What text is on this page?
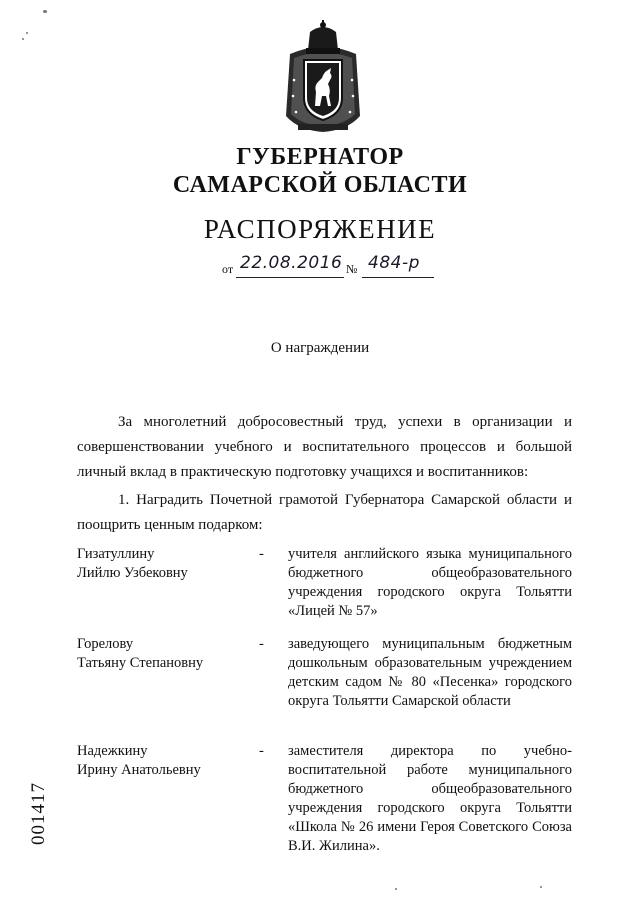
ГУБЕРНАТОР
САМАРСКОЙ ОБЛАСТИ
РАСПОРЯЖЕНИЕ
от 22.08.2016 № 484-р
О награждении
За многолетний добросовестный труд, успехи в организации и совершенствовании учебного и воспитательного процессов и большой личный вклад в практическую подготовку учащихся и воспитанников:
1. Наградить Почетной грамотой Губернатора Самарской области и поощрить ценным подарком:
Гизатуллину
Лийлю Узбековну
-	учителя английского языка муниципального бюджетного общеобразовательного учреждения городского округа Тольятти «Лицей № 57»
Горелову
Татьяну Степановну
-	заведующего муниципальным бюджетным дошкольным образовательным учреждением детским садом № 80 «Песенка» городского округа Тольятти Самарской области
Надежкину
Ирину Анатольевну
-	заместителя директора по учебно-воспитательной работе муниципального бюджетного общеобразовательного учреждения городского округа Тольятти «Школа № 26 имени Героя Советского Союза В.И. Жилина».
001417
